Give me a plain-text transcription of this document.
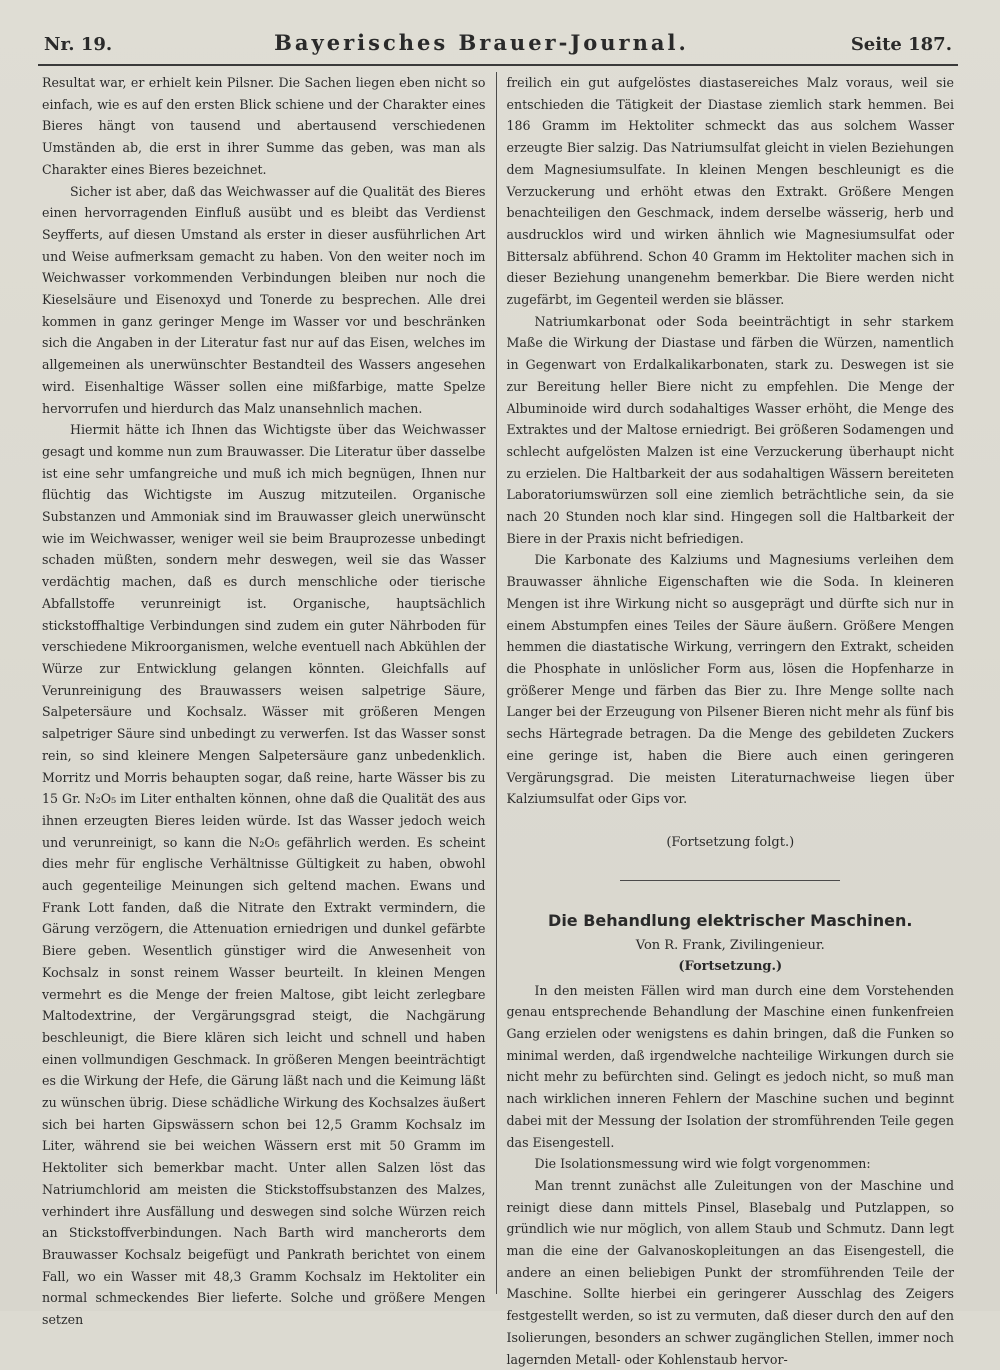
Nr. 19.	Bayerisches Brauer-Journal.	Seite 187.

Resultat war, er erhielt kein Pilsner. Die Sachen liegen eben nicht so einfach, wie es auf den ersten Blick schiene und der Charakter eines Bieres hängt von tausend und abertausend verschiedenen Umständen ab, die erst in ihrer Summe das geben, was man als Charakter eines Bieres bezeichnet.

Sicher ist aber, daß das Weichwasser auf die Qualität des Bieres einen hervorragenden Einfluß ausübt und es bleibt das Verdienst Seyfferts, auf diesen Umstand als erster in dieser ausführlichen Art und Weise aufmerksam gemacht zu haben. Von den weiter noch im Weichwasser vorkommenden Verbindungen bleiben nur noch die Kieselsäure und Eisenoxyd und Tonerde zu besprechen. Alle drei kommen in ganz geringer Menge im Wasser vor und beschränken sich die Angaben in der Literatur fast nur auf das Eisen, welches im allgemeinen als unerwünschter Bestandteil des Wassers angesehen wird. Eisenhaltige Wässer sollen eine mißfarbige, matte Spelze hervorrufen und hierdurch das Malz unansehnlich machen.

Hiermit hätte ich Ihnen das Wichtigste über das Weichwasser gesagt und komme nun zum Brauwasser. Die Literatur über dasselbe ist eine sehr umfangreiche und muß ich mich begnügen, Ihnen nur flüchtig das Wichtigste im Auszug mitzuteilen. Organische Substanzen und Ammoniak sind im Brauwasser gleich unerwünscht wie im Weichwasser, weniger weil sie beim Brauprozesse unbedingt schaden müßten, sondern mehr deswegen, weil sie das Wasser verdächtig machen, daß es durch menschliche oder tierische Abfallstoffe verunreinigt ist. Organische, hauptsächlich stickstoffhaltige Verbindungen sind zudem ein guter Nährboden für verschiedene Mikroorganismen, welche eventuell nach Abkühlen der Würze zur Entwicklung gelangen könnten. Gleichfalls auf Verunreinigung des Brauwassers weisen salpetrige Säure, Salpetersäure und Kochsalz. Wässer mit größeren Mengen salpetriger Säure sind unbedingt zu verwerfen. Ist das Wasser sonst rein, so sind kleinere Mengen Salpetersäure ganz unbedenklich. Morritz und Morris behaupten sogar, daß reine, harte Wässer bis zu 15 Gr. N₂O₅ im Liter enthalten können, ohne daß die Qualität des aus ihnen erzeugten Bieres leiden würde. Ist das Wasser jedoch weich und verunreinigt, so kann die N₂O₅ gefährlich werden. Es scheint dies mehr für englische Verhältnisse Gültigkeit zu haben, obwohl auch gegenteilige Meinungen sich geltend machen. Ewans und Frank Lott fanden, daß die Nitrate den Extrakt vermindern, die Gärung verzögern, die Attenuation erniedrigen und dunkel gefärbte Biere geben. Wesentlich günstiger wird die Anwesenheit von Kochsalz in sonst reinem Wasser beurteilt. In kleinen Mengen vermehrt es die Menge der freien Maltose, gibt leicht zerlegbare Maltodextrine, der Vergärungsgrad steigt, die Nachgärung beschleunigt, die Biere klären sich leicht und schnell und haben einen vollmundigen Geschmack. In größeren Mengen beeinträchtigt es die Wirkung der Hefe, die Gärung läßt nach und die Keimung läßt zu wünschen übrig. Diese schädliche Wirkung des Kochsalzes äußert sich bei harten Gipswässern schon bei 12,5 Gramm Kochsalz im Liter, während sie bei weichen Wässern erst mit 50 Gramm im Hektoliter sich bemerkbar macht. Unter allen Salzen löst das Natriumchlorid am meisten die Stickstoffsubstanzen des Malzes, verhindert ihre Ausfällung und deswegen sind solche Würzen reich an Stickstoffverbindungen. Nach Barth wird mancherorts dem Brauwasser Kochsalz beigefügt und Pankrath berichtet von einem Fall, wo ein Wasser mit 48,3 Gramm Kochsalz im Hektoliter ein normal schmeckendes Bier lieferte. Solche und größere Mengen setzen

freilich ein gut aufgelöstes diastasereiches Malz voraus, weil sie entschieden die Tätigkeit der Diastase ziemlich stark hemmen. Bei 186 Gramm im Hektoliter schmeckt das aus solchem Wasser erzeugte Bier salzig. Das Natriumsulfat gleicht in vielen Beziehungen dem Magnesiumsulfate. In kleinen Mengen beschleunigt es die Verzuckerung und erhöht etwas den Extrakt. Größere Mengen benachteiligen den Geschmack, indem derselbe wässerig, herb und ausdrucklos wird und wirken ähnlich wie Magnesiumsulfat oder Bittersalz abführend. Schon 40 Gramm im Hektoliter machen sich in dieser Beziehung unangenehm bemerkbar. Die Biere werden nicht zugefärbt, im Gegenteil werden sie blässer.

Natriumkarbonat oder Soda beeinträchtigt in sehr starkem Maße die Wirkung der Diastase und färben die Würzen, namentlich in Gegenwart von Erdalkalikarbonaten, stark zu. Deswegen ist sie zur Bereitung heller Biere nicht zu empfehlen. Die Menge der Albuminoide wird durch sodahaltiges Wasser erhöht, die Menge des Extraktes und der Maltose erniedrigt. Bei größeren Sodamengen und schlecht aufgelösten Malzen ist eine Verzuckerung überhaupt nicht zu erzielen. Die Haltbarkeit der aus sodahaltigen Wässern bereiteten Laboratoriumswürzen soll eine ziemlich beträchtliche sein, da sie nach 20 Stunden noch klar sind. Hingegen soll die Haltbarkeit der Biere in der Praxis nicht befriedigen.

Die Karbonate des Kalziums und Magnesiums verleihen dem Brauwasser ähnliche Eigenschaften wie die Soda. In kleineren Mengen ist ihre Wirkung nicht so ausgeprägt und dürfte sich nur in einem Abstumpfen eines Teiles der Säure äußern. Größere Mengen hemmen die diastatische Wirkung, verringern den Extrakt, scheiden die Phosphate in unlöslicher Form aus, lösen die Hopfenharze in größerer Menge und färben das Bier zu. Ihre Menge sollte nach Langer bei der Erzeugung von Pilsener Bieren nicht mehr als fünf bis sechs Härtegrade betragen. Da die Menge des gebildeten Zuckers eine geringe ist, haben die Biere auch einen geringeren Vergärungsgrad. Die meisten Literaturnachweise liegen über Kalziumsulfat oder Gips vor.

(Fortsetzung folgt.)

Die Behandlung elektrischer Maschinen.
Von R. Frank, Zivilingenieur.
(Fortsetzung.)

In den meisten Fällen wird man durch eine dem Vorstehenden genau entsprechende Behandlung der Maschine einen funkenfreien Gang erzielen oder wenigstens es dahin bringen, daß die Funken so minimal werden, daß irgendwelche nachteilige Wirkungen durch sie nicht mehr zu befürchten sind. Gelingt es jedoch nicht, so muß man nach wirklichen inneren Fehlern der Maschine suchen und beginnt dabei mit der Messung der Isolation der stromführenden Teile gegen das Eisengestell.

Die Isolationsmessung wird wie folgt vorgenommen:

Man trennt zunächst alle Zuleitungen von der Maschine und reinigt diese dann mittels Pinsel, Blasebalg und Putzlappen, so gründlich wie nur möglich, von allem Staub und Schmutz. Dann legt man die eine der Galvanoskopleitungen an das Eisengestell, die andere an einen beliebigen Punkt der stromführenden Teile der Maschine. Sollte hierbei ein geringerer Ausschlag des Zeigers festgestellt werden, so ist zu vermuten, daß dieser durch den auf den Isolierungen, besonders an schwer zugänglichen Stellen, immer noch lagernden Metall- oder Kohlenstaub hervor-
